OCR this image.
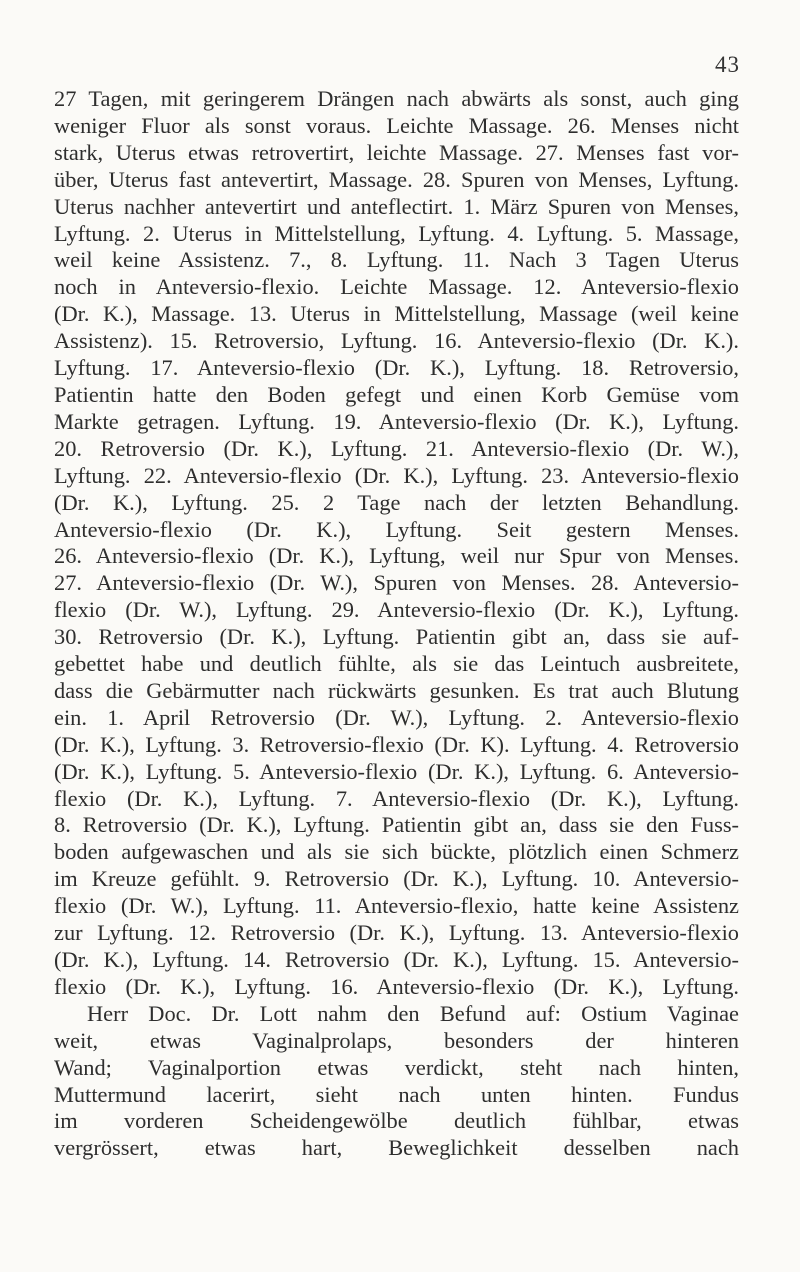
43
27 Tagen, mit geringerem Drängen nach abwärts als sonst, auch ging
weniger Fluor als sonst voraus. Leichte Massage. 26. Menses nicht
stark, Uterus etwas retrovertirt, leichte Massage. 27. Menses fast vor-
über, Uterus fast antevertirt, Massage. 28. Spuren von Menses, Lyftung.
Uterus nachher antevertirt und anteflectirt. 1. März Spuren von Menses,
Lyftung. 2. Uterus in Mittelstellung, Lyftung. 4. Lyftung. 5. Massage,
weil keine Assistenz. 7., 8. Lyftung. 11. Nach 3 Tagen Uterus
noch in Anteversio-flexio. Leichte Massage. 12. Anteversio-flexio
(Dr. K.), Massage. 13. Uterus in Mittelstellung, Massage (weil keine
Assistenz). 15. Retroversio, Lyftung. 16. Anteversio-flexio (Dr. K.).
Lyftung. 17. Anteversio-flexio (Dr. K.), Lyftung. 18. Retroversio,
Patientin hatte den Boden gefegt und einen Korb Gemüse vom
Markte getragen. Lyftung. 19. Anteversio-flexio (Dr. K.), Lyftung.
20. Retroversio (Dr. K.), Lyftung. 21. Anteversio-flexio (Dr. W.),
Lyftung. 22. Anteversio-flexio (Dr. K.), Lyftung. 23. Anteversio-flexio
(Dr. K.), Lyftung. 25. 2 Tage nach der letzten Behandlung.
Anteversio-flexio (Dr. K.), Lyftung. Seit gestern Menses.
26. Anteversio-flexio (Dr. K.), Lyftung, weil nur Spur von Menses.
27. Anteversio-flexio (Dr. W.), Spuren von Menses. 28. Anteversio-
flexio (Dr. W.), Lyftung. 29. Anteversio-flexio (Dr. K.), Lyftung.
30. Retroversio (Dr. K.), Lyftung. Patientin gibt an, dass sie auf-
gebettet habe und deutlich fühlte, als sie das Leintuch ausbreitete,
dass die Gebärmutter nach rückwärts gesunken. Es trat auch Blutung
ein. 1. April Retroversio (Dr. W.), Lyftung. 2. Anteversio-flexio
(Dr. K.), Lyftung. 3. Retroversio-flexio (Dr. K). Lyftung. 4. Retroversio
(Dr. K.), Lyftung. 5. Anteversio-flexio (Dr. K.), Lyftung. 6. Anteversio-
flexio (Dr. K.), Lyftung. 7. Anteversio-flexio (Dr. K.), Lyftung.
8. Retroversio (Dr. K.), Lyftung. Patientin gibt an, dass sie den Fuss-
boden aufgewaschen und als sie sich bückte, plötzlich einen Schmerz
im Kreuze gefühlt. 9. Retroversio (Dr. K.), Lyftung. 10. Anteversio-
flexio (Dr. W.), Lyftung. 11. Anteversio-flexio, hatte keine Assistenz
zur Lyftung. 12. Retroversio (Dr. K.), Lyftung. 13. Anteversio-flexio
(Dr. K.), Lyftung. 14. Retroversio (Dr. K.), Lyftung. 15. Anteversio-
flexio (Dr. K.), Lyftung. 16. Anteversio-flexio (Dr. K.), Lyftung.
Herr Doc. Dr. Lott nahm den Befund auf: Ostium Vaginae
weit, etwas Vaginalprolaps, besonders der hinteren
Wand; Vaginalportion etwas verdickt, steht nach hinten,
Muttermund lacerirt, sieht nach unten hinten. Fundus
im vorderen Scheidengewölbe deutlich fühlbar, etwas
vergrössert, etwas hart, Beweglichkeit desselben nach
